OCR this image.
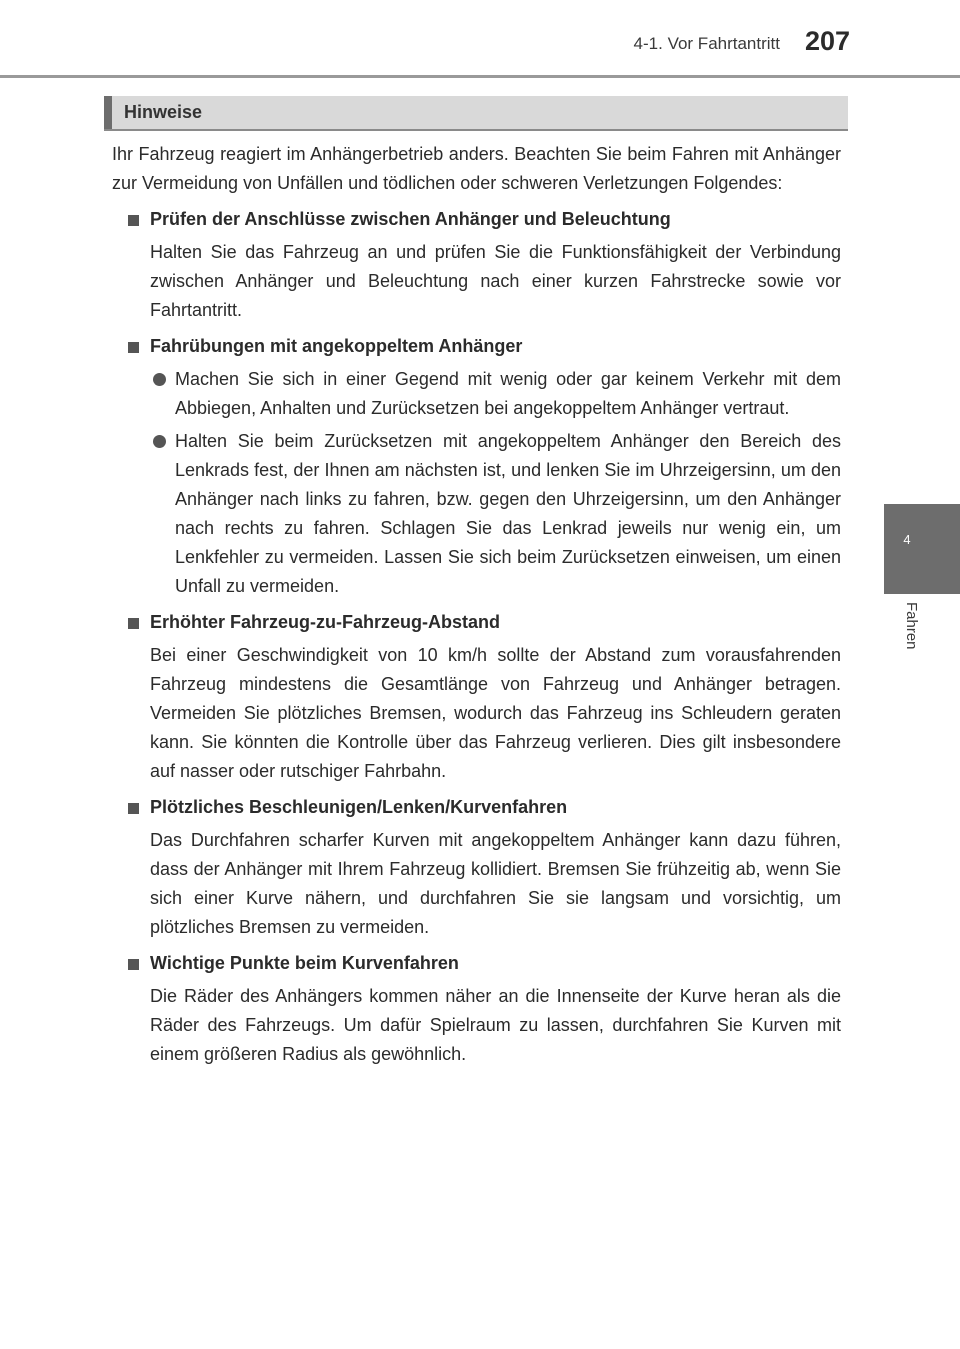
4-1. Vor Fahrtantritt 207
4
Fahren
Hinweise

Ihr Fahrzeug reagiert im Anhängerbetrieb anders. Beachten Sie beim Fahren mit Anhänger zur Vermeidung von Unfällen und tödlichen oder schweren Verletzungen Folgendes:

Prüfen der Anschlüsse zwischen Anhänger und Beleuchtung

Halten Sie das Fahrzeug an und prüfen Sie die Funktionsfähigkeit der Verbindung zwischen Anhänger und Beleuchtung nach einer kurzen Fahrstrecke sowie vor Fahrtantritt.

Fahrübungen mit angekoppeltem Anhänger

Machen Sie sich in einer Gegend mit wenig oder gar keinem Verkehr mit dem Abbiegen, Anhalten und Zurücksetzen bei angekoppeltem Anhänger vertraut.

Halten Sie beim Zurücksetzen mit angekoppeltem Anhänger den Bereich des Lenkrads fest, der Ihnen am nächsten ist, und lenken Sie im Uhrzeigersinn, um den Anhänger nach links zu fahren, bzw. gegen den Uhrzeigersinn, um den Anhänger nach rechts zu fahren. Schlagen Sie das Lenkrad jeweils nur wenig ein, um Lenkfehler zu vermeiden. Lassen Sie sich beim Zurücksetzen einweisen, um einen Unfall zu vermeiden.

Erhöhter Fahrzeug-zu-Fahrzeug-Abstand

Bei einer Geschwindigkeit von 10 km/h sollte der Abstand zum vorausfahrenden Fahrzeug mindestens die Gesamtlänge von Fahrzeug und Anhänger betragen. Vermeiden Sie plötzliches Bremsen, wodurch das Fahrzeug ins Schleudern geraten kann. Sie könnten die Kontrolle über das Fahrzeug verlieren. Dies gilt insbesondere auf nasser oder rutschiger Fahrbahn.

Plötzliches Beschleunigen/Lenken/Kurvenfahren

Das Durchfahren scharfer Kurven mit angekoppeltem Anhänger kann dazu führen, dass der Anhänger mit Ihrem Fahrzeug kollidiert. Bremsen Sie frühzeitig ab, wenn Sie sich einer Kurve nähern, und durchfahren Sie sie langsam und vorsichtig, um plötzliches Bremsen zu vermeiden.

Wichtige Punkte beim Kurvenfahren

Die Räder des Anhängers kommen näher an die Innenseite der Kurve heran als die Räder des Fahrzeugs. Um dafür Spielraum zu lassen, durchfahren Sie Kurven mit einem größeren Radius als gewöhnlich.
